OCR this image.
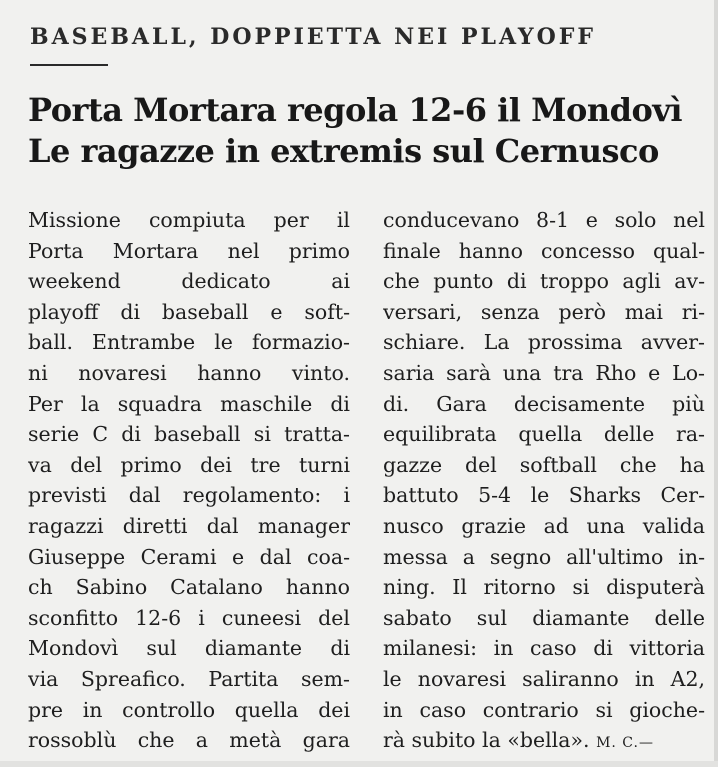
BASEBALL, DOPPIETTA NEI PLAYOFF
Porta Mortara regola 12-6 il Mondovì
Le ragazze in extremis sul Cernusco
Missione compiuta per il
Porta Mortara nel primo
weekend dedicato ai
playoff di baseball e soft-
ball. Entrambe le formazio-
ni novaresi hanno vinto.
Per la squadra maschile di
serie C di baseball si tratta-
va del primo dei tre turni
previsti dal regolamento: i
ragazzi diretti dal manager
Giuseppe Cerami e dal coa-
ch Sabino Catalano hanno
sconfitto 12-6 i cuneesi del
Mondovì sul diamante di
via Spreafico. Partita sem-
pre in controllo quella dei
rossoblù che a metà gara
conducevano 8-1 e solo nel
finale hanno concesso qual-
che punto di troppo agli av-
versari, senza però mai ri-
schiare. La prossima avver-
saria sarà una tra Rho e Lo-
di. Gara decisamente più
equilibrata quella delle ra-
gazze del softball che ha
battuto 5-4 le Sharks Cer-
nusco grazie ad una valida
messa a segno all'ultimo in-
ning. Il ritorno si disputerà
sabato sul diamante delle
milanesi: in caso di vittoria
le novaresi saliranno in A2,
in caso contrario si giochе-
rà subito la «bella». M. C.—
